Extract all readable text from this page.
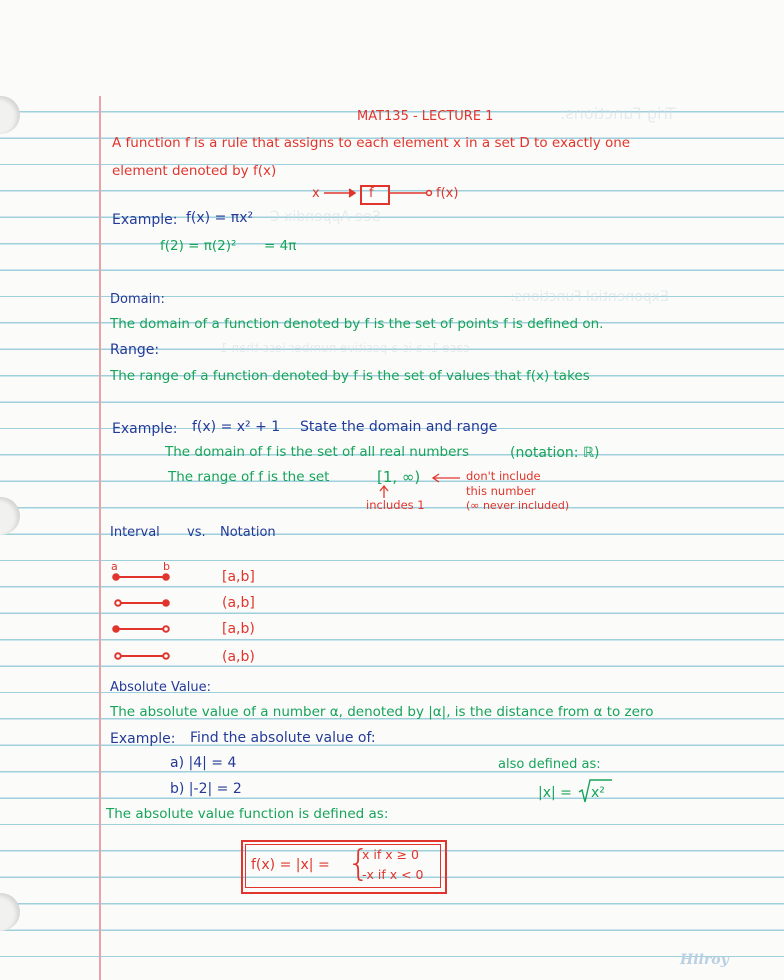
Trig Functions:
See Appendix C
Exponential Functions:
case 1: a is a positive number less than 1
MAT135 - LECTURE 1
A function f is a rule that assigns to each element x in a set D to exactly one
element denoted by f(x)
x	f	f(x)
Example: f(x) = πx²
f(2) = π(2)² = 4π
Domain:
The domain of a function denoted by f is the set of points f is defined on.
Range:
The range of a function denoted by f is the set of values that f(x) takes
Example: f(x) = x² + 1 State the domain and range
The domain of f is the set of all real numbers	(notation: ℝ)
The range of f is the set	[1, ∞)
includes 1
don't include
this number
(∞ never included)
Interval vs. Notation
a	b
[a,b]
(a,b]
[a,b)
(a,b)
Absolute Value:
The absolute value of a number α, denoted by |α|, is the distance from α to zero
Example: Find the absolute value of:
a) |4| = 4
b) |-2| = 2
also defined as:
|x| = x²
The absolute value function is defined as:
f(x) = |x| = {
x if x ≥ 0
-x if x < 0
Hilroy
